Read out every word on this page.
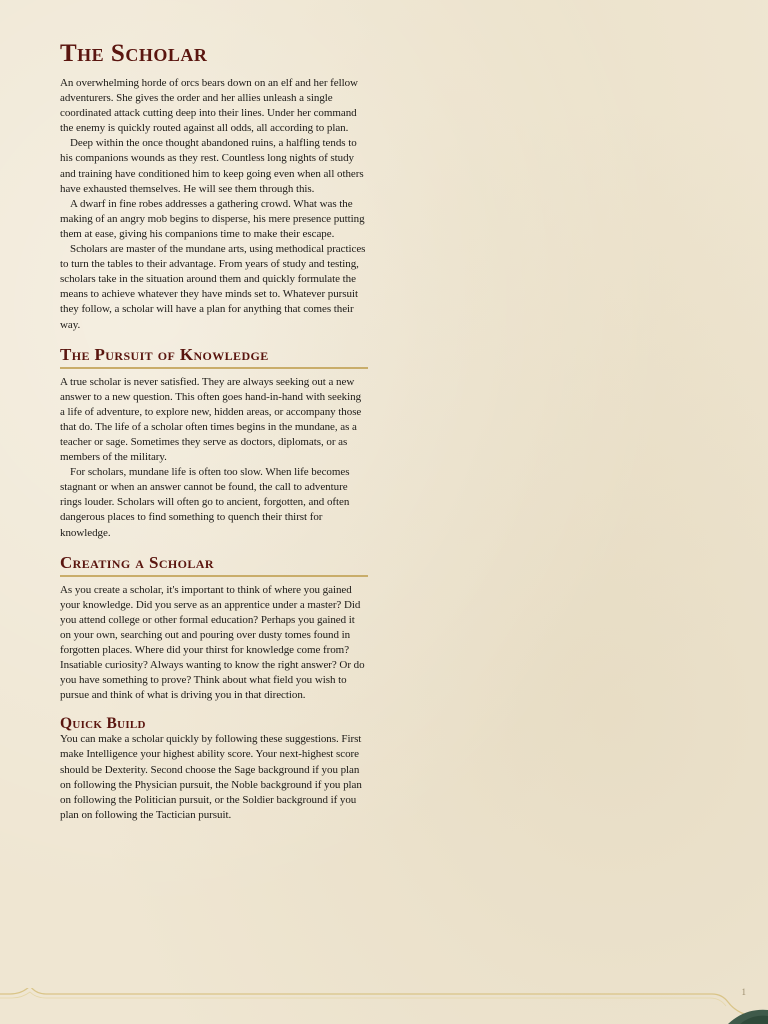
The Scholar

An overwhelming horde of orcs bears down on an elf and her fellow adventurers. She gives the order and her allies unleash a single coordinated attack cutting deep into their lines. Under her command the enemy is quickly routed against all odds, all according to plan.

Deep within the once thought abandoned ruins, a halfling tends to his companions wounds as they rest. Countless long nights of study and training have conditioned him to keep going even when all others have exhausted themselves. He will see them through this.

A dwarf in fine robes addresses a gathering crowd. What was the making of an angry mob begins to disperse, his mere presence putting them at ease, giving his companions time to make their escape.

Scholars are master of the mundane arts, using methodical practices to turn the tables to their advantage. From years of study and testing, scholars take in the situation around them and quickly formulate the means to achieve whatever they have minds set to. Whatever pursuit they follow, a scholar will have a plan for anything that comes their way.

The Pursuit of Knowledge

A true scholar is never satisfied. They are always seeking out a new answer to a new question. This often goes hand-in-hand with seeking a life of adventure, to explore new, hidden areas, or accompany those that do. The life of a scholar often times begins in the mundane, as a teacher or sage. Sometimes they serve as doctors, diplomats, or as members of the military.

For scholars, mundane life is often too slow. When life becomes stagnant or when an answer cannot be found, the call to adventure rings louder. Scholars will often go to ancient, forgotten, and often dangerous places to find something to quench their thirst for knowledge.

Creating a Scholar

As you create a scholar, it's important to think of where you gained your knowledge. Did you serve as an apprentice under a master? Did you attend college or other formal education? Perhaps you gained it on your own, searching out and pouring over dusty tomes found in forgotten places. Where did your thirst for knowledge come from? Insatiable curiosity? Always wanting to know the right answer? Or do you have something to prove? Think about what field you wish to pursue and think of what is driving you in that direction.

Quick Build

You can make a scholar quickly by following these suggestions. First make Intelligence your highest ability score. Your next-highest score should be Dexterity. Second choose the Sage background if you plan on following the Physician pursuit, the Noble background if you plan on following the Politician pursuit, or the Soldier background if you plan on following the Tactician pursuit.

1
